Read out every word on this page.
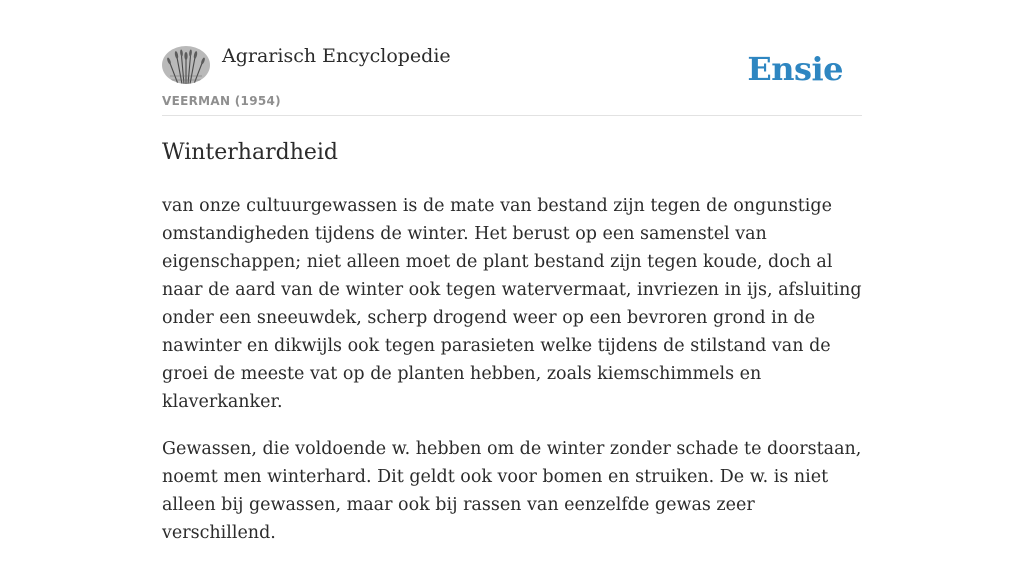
Agrarisch Encyclopedie
VEERMAN (1954)
Ensie
Winterhardheid

van onze cultuurgewassen is de mate van bestand zijn tegen de ongunstige omstandigheden tijdens de winter. Het berust op een samenstel van eigenschappen; niet alleen moet de plant bestand zijn tegen koude, doch al naar de aard van de winter ook tegen watervermaat, invriezen in ijs, afsluiting onder een sneeuwdek, scherp drogend weer op een bevroren grond in de nawinter en dikwijls ook tegen parasieten welke tijdens de stilstand van de groei de meeste vat op de planten hebben, zoals kiemschimmels en klaverkanker.

Gewassen, die voldoende w. hebben om de winter zonder schade te doorstaan, noemt men winterhard. Dit geldt ook voor bomen en struiken. De w. is niet alleen bij gewassen, maar ook bij rassen van eenzelfde gewas zeer verschillend.
